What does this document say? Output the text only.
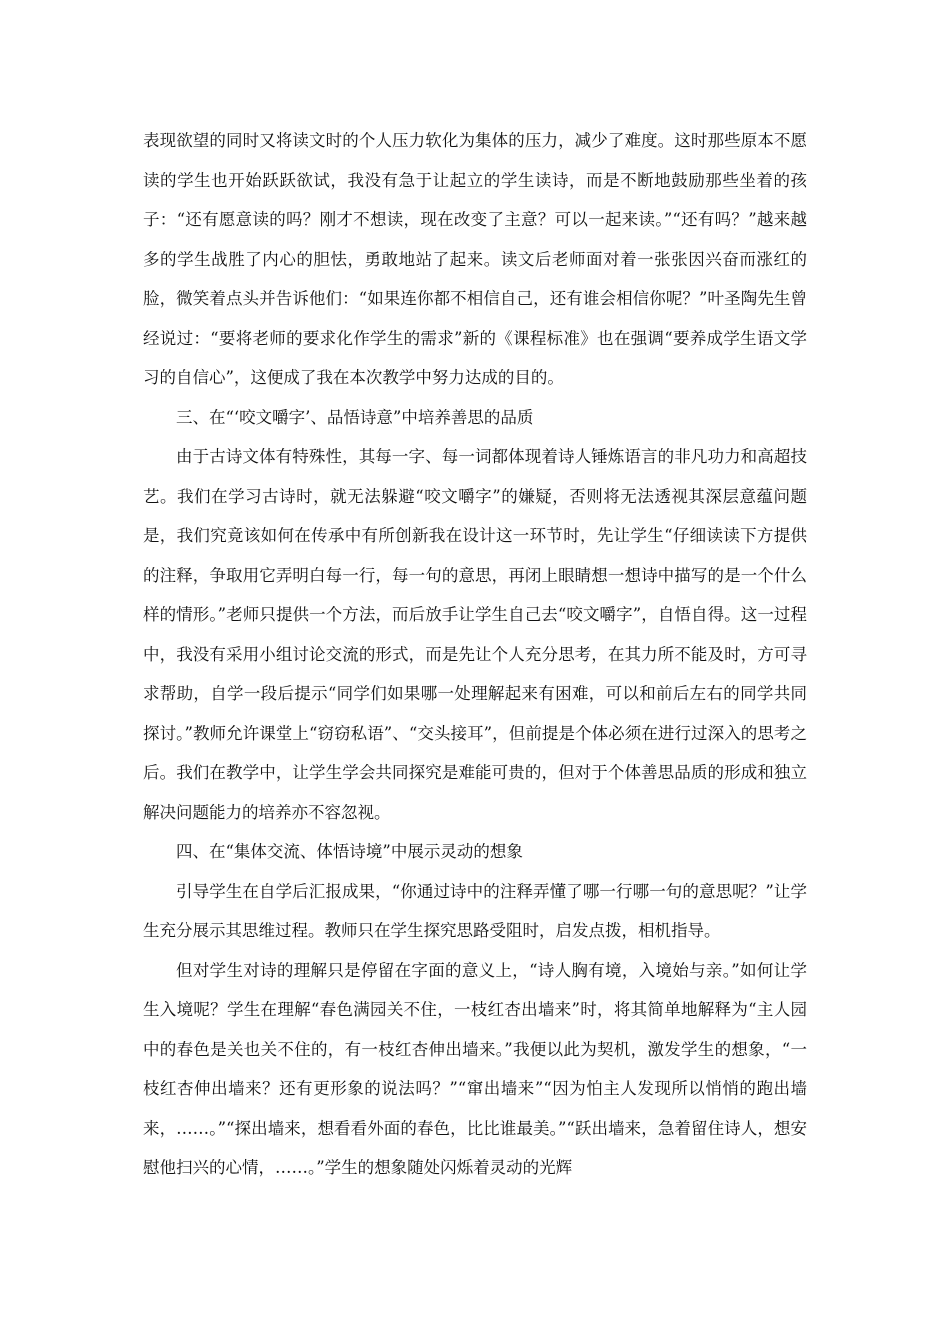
表现欲望的同时又将读文时的个人压力软化为集体的压力，减少了难度。这时那些原本不愿读的学生也开始跃跃欲试，我没有急于让起立的学生读诗，而是不断地鼓励那些坐着的孩子：“还有愿意读的吗？刚才不想读，现在改变了主意？可以一起来读。”“还有吗？”越来越多的学生战胜了内心的胆怯，勇敢地站了起来。读文后老师面对着一张张因兴奋而涨红的脸，微笑着点头并告诉他们：“如果连你都不相信自己，还有谁会相信你呢？”叶圣陶先生曾经说过：“要将老师的要求化作学生的需求”新的《课程标准》也在强调“要养成学生语文学习的自信心”，这便成了我在本次教学中努力达成的目的。

三、在“‘咬文嚼字’、品悟诗意”中培养善思的品质

由于古诗文体有特殊性，其每一字、每一词都体现着诗人锤炼语言的非凡功力和高超技艺。我们在学习古诗时，就无法躲避“咬文嚼字”的嫌疑，否则将无法透视其深层意蕴问题是，我们究竟该如何在传承中有所创新我在设计这一环节时，先让学生“仔细读读下方提供的注释，争取用它弄明白每一行，每一句的意思，再闭上眼睛想一想诗中描写的是一个什么样的情形。”老师只提供一个方法，而后放手让学生自己去“咬文嚼字”，自悟自得。这一过程中，我没有采用小组讨论交流的形式，而是先让个人充分思考，在其力所不能及时，方可寻求帮助，自学一段后提示“同学们如果哪一处理解起来有困难，可以和前后左右的同学共同探讨。”教师允许课堂上“窃窃私语”、“交头接耳”，但前提是个体必须在进行过深入的思考之后。我们在教学中，让学生学会共同探究是难能可贵的，但对于个体善思品质的形成和独立解决问题能力的培养亦不容忽视。

四、在“集体交流、体悟诗境”中展示灵动的想象

引导学生在自学后汇报成果，“你通过诗中的注释弄懂了哪一行哪一句的意思呢？”让学生充分展示其思维过程。教师只在学生探究思路受阻时，启发点拨，相机指导。

但对学生对诗的理解只是停留在字面的意义上，“诗人胸有境，入境始与亲。”如何让学生入境呢？学生在理解“春色满园关不住，一枝红杏出墙来”时，将其简单地解释为“主人园中的春色是关也关不住的，有一枝红杏伸出墙来。”我便以此为契机，激发学生的想象，“一枝红杏伸出墙来？还有更形象的说法吗？”“窜出墙来”“因为怕主人发现所以悄悄的跑出墙来，……。”“探出墙来，想看看外面的春色，比比谁最美。”“跃出墙来，急着留住诗人，想安慰他扫兴的心情，……。”学生的想象随处闪烁着灵动的光辉
